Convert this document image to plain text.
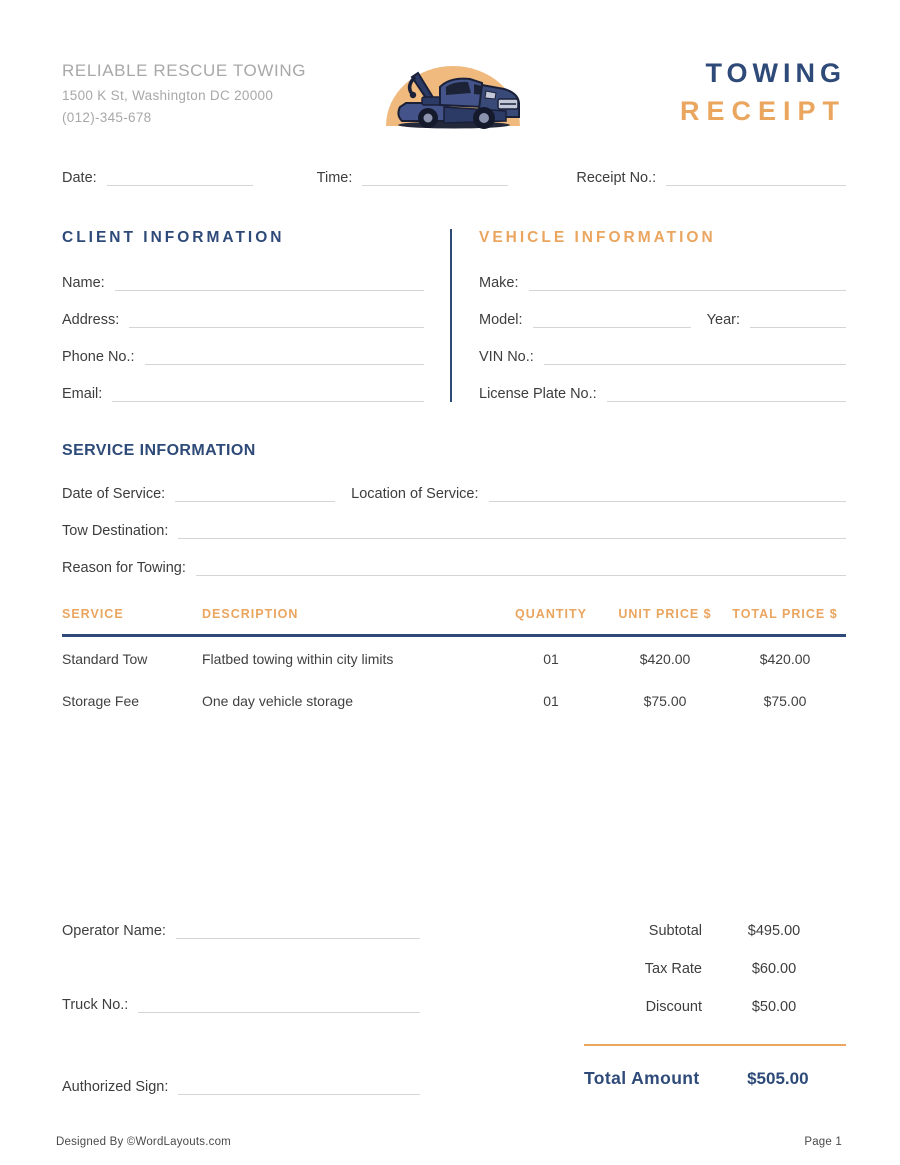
RELIABLE RESCUE TOWING
1500 K St, Washington DC 20000
(012)-345-678
TOWING
RECEIPT
Date:	Time:	Receipt No.:
CLIENT INFORMATION
Name:
Address:
Phone No.:
Email:
VEHICLE INFORMATION
Make:
Model:	Year:
VIN No.:
License Plate No.:
SERVICE INFORMATION
Date of Service:	Location of Service:
Tow Destination:
Reason for Towing:
SERVICE	DESCRIPTION	QUANTITY	UNIT PRICE $	TOTAL PRICE $
Standard Tow	Flatbed towing within city limits	01	$420.00	$420.00
Storage Fee	One day vehicle storage	01	$75.00	$75.00
Operator Name:
Truck No.:
Authorized Sign:
Subtotal	$495.00
Tax Rate	$60.00
Discount	$50.00
Total Amount	$505.00
Designed By ©WordLayouts.com	Page 1
